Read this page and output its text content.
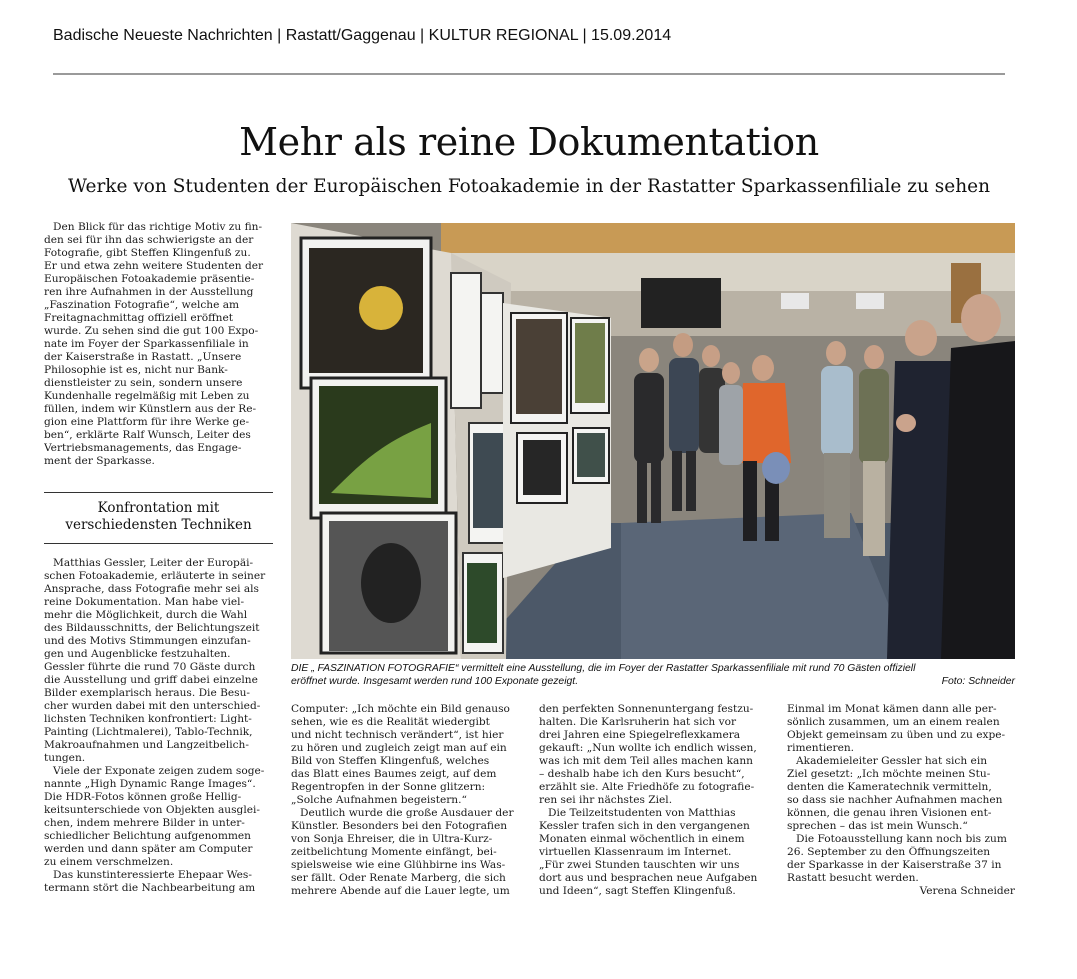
Badische Neueste Nachrichten | Rastatt/Gaggenau | KULTUR REGIONAL | 15.09.2014
Mehr als reine Dokumentation
Werke von Studenten der Europäischen Fotoakademie in der Rastatter Sparkassenfiliale zu sehen
Den Blick für das richtige Motiv zu fin-
den sei für ihn das schwierigste an der
Fotografie, gibt Steffen Klingenfuß zu.
Er und etwa zehn weitere Studenten der
Europäischen Fotoakademie präsentie-
ren ihre Aufnahmen in der Ausstellung
„Faszination Fotografie“, welche am
Freitagnachmittag offiziell eröffnet
wurde. Zu sehen sind die gut 100 Expo-
nate im Foyer der Sparkassenfiliale in
der Kaiserstraße in Rastatt. „Unsere
Philosophie ist es, nicht nur Bank-
dienstleister zu sein, sondern unsere
Kundenhalle regelmäßig mit Leben zu
füllen, indem wir Künstlern aus der Re-
gion eine Plattform für ihre Werke ge-
ben“, erklärte Ralf Wunsch, Leiter des
Vertriebsmanagements, das Engage-
ment der Sparkasse.
Konfrontation mit
verschiedensten Techniken
Matthias Gessler, Leiter der Europäi-
schen Fotoakademie, erläuterte in seiner
Ansprache, dass Fotografie mehr sei als
reine Dokumentation. Man habe viel-
mehr die Möglichkeit, durch die Wahl
des Bildausschnitts, der Belichtungszeit
und des Motivs Stimmungen einzufan-
gen und Augenblicke festzuhalten.
Gessler führte die rund 70 Gäste durch
die Ausstellung und griff dabei einzelne
Bilder exemplarisch heraus. Die Besu-
cher wurden dabei mit den unterschied-
lichsten Techniken konfrontiert: Light-
Painting (Lichtmalerei), Tablo-Technik,
Makroaufnahmen und Langzeitbelich-
tungen.
Viele der Exponate zeigen zudem soge-
nannte „High Dynamic Range Images“.
Die HDR-Fotos können große Hellig-
keitsunterschiede von Objekten ausglei-
chen, indem mehrere Bilder in unter-
schiedlicher Belichtung aufgenommen
werden und dann später am Computer
zu einem verschmelzen.
Das kunstinteressierte Ehepaar Wes-
termann stört die Nachbearbeitung am
DIE „ FASZINATION FOTOGRAFIE“ vermittelt eine Ausstellung, die im Foyer der Rastatter Sparkassenfiliale mit rund 70 Gästen offiziell
eröffnet wurde. Insgesamt werden rund 100 Exponate gezeigt.	Foto: Schneider
Computer: „Ich möchte ein Bild genauso
sehen, wie es die Realität wiedergibt
und nicht technisch verändert“, ist hier
zu hören und zugleich zeigt man auf ein
Bild von Steffen Klingenfuß, welches
das Blatt eines Baumes zeigt, auf dem
Regentropfen in der Sonne glitzern:
„Solche Aufnahmen begeistern.“
Deutlich wurde die große Ausdauer der
Künstler. Besonders bei den Fotografien
von Sonja Ehreiser, die in Ultra-Kurz-
zeitbelichtung Momente einfängt, bei-
spielsweise wie eine Glühbirne ins Was-
ser fällt. Oder Renate Marberg, die sich
mehrere Abende auf die Lauer legte, um
den perfekten Sonnenuntergang festzu-
halten. Die Karlsruherin hat sich vor
drei Jahren eine Spiegelreflexkamera
gekauft: „Nun wollte ich endlich wissen,
was ich mit dem Teil alles machen kann
– deshalb habe ich den Kurs besucht“,
erzählt sie. Alte Friedhöfe zu fotografie-
ren sei ihr nächstes Ziel.
Die Teilzeitstudenten von Matthias
Kessler trafen sich in den vergangenen
Monaten einmal wöchentlich in einem
virtuellen Klassenraum im Internet.
„Für zwei Stunden tauschten wir uns
dort aus und besprachen neue Aufgaben
und Ideen“, sagt Steffen Klingenfuß.
Einmal im Monat kämen dann alle per-
sönlich zusammen, um an einem realen
Objekt gemeinsam zu üben und zu expe-
rimentieren.
Akademieleiter Gessler hat sich ein
Ziel gesetzt: „Ich möchte meinen Stu-
denten die Kameratechnik vermitteln,
so dass sie nachher Aufnahmen machen
können, die genau ihren Visionen ent-
sprechen – das ist mein Wunsch.“
Die Fotoausstellung kann noch bis zum
26. September zu den Öffnungszeiten
der Sparkasse in der Kaiserstraße 37 in
Rastatt besucht werden.
Verena Schneider
